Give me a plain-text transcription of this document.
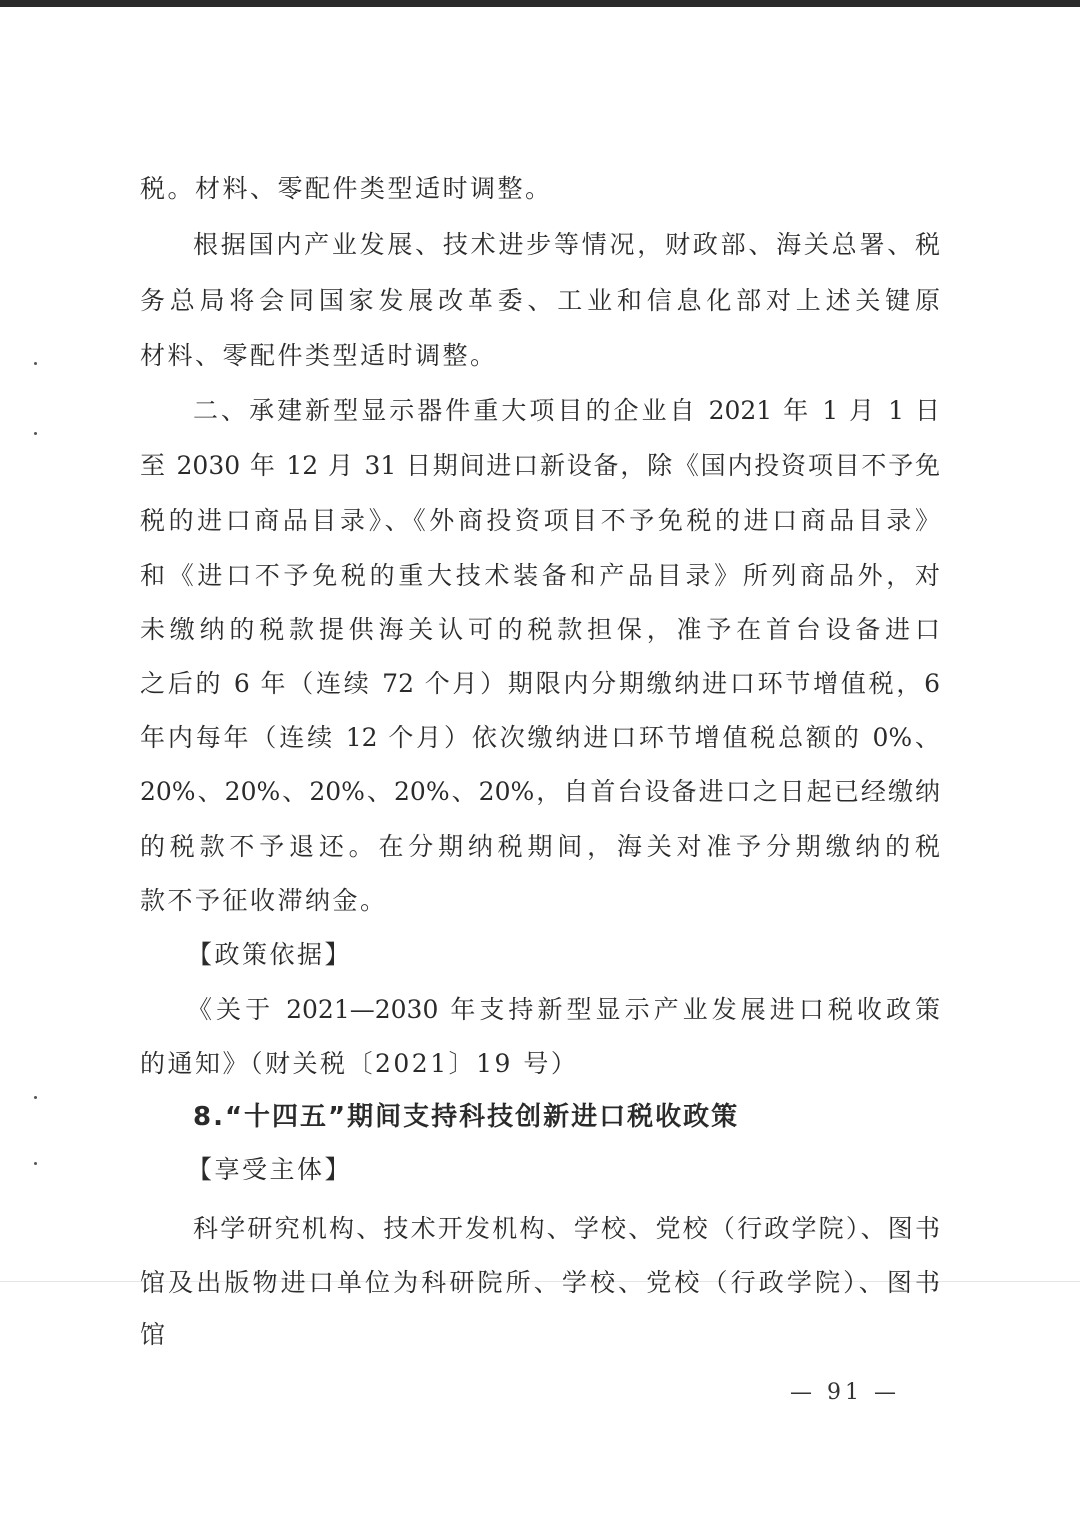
税。材料、零配件类型适时调整。
根据国内产业发展、技术进步等情况，财政部、海关总署、税
务总局将会同国家发展改革委、工业和信息化部对上述关键原
材料、零配件类型适时调整。
二、承建新型显示器件重大项目的企业自 2021 年 1 月 1 日
至 2030 年 12 月 31 日期间进口新设备，除《国内投资项目不予免
税的进口商品目录》、《外商投资项目不予免税的进口商品目录》
和《进口不予免税的重大技术装备和产品目录》所列商品外，对
未缴纳的税款提供海关认可的税款担保，准予在首台设备进口
之后的 6 年（连续 72 个月）期限内分期缴纳进口环节增值税，6
年内每年（连续 12 个月）依次缴纳进口环节增值税总额的 0%、
20%、20%、20%、20%、20%，自首台设备进口之日起已经缴纳
的税款不予退还。在分期纳税期间，海关对准予分期缴纳的税
款不予征收滞纳金。
【政策依据】
《关于 2021—2030 年支持新型显示产业发展进口税收政策
的通知》（财关税〔2021〕19 号）
8.“十四五”期间支持科技创新进口税收政策
【享受主体】
科学研究机构、技术开发机构、学校、党校（行政学院）、图书
馆及出版物进口单位为科研院所、学校、党校（行政学院）、图书
馆
— 91 —
